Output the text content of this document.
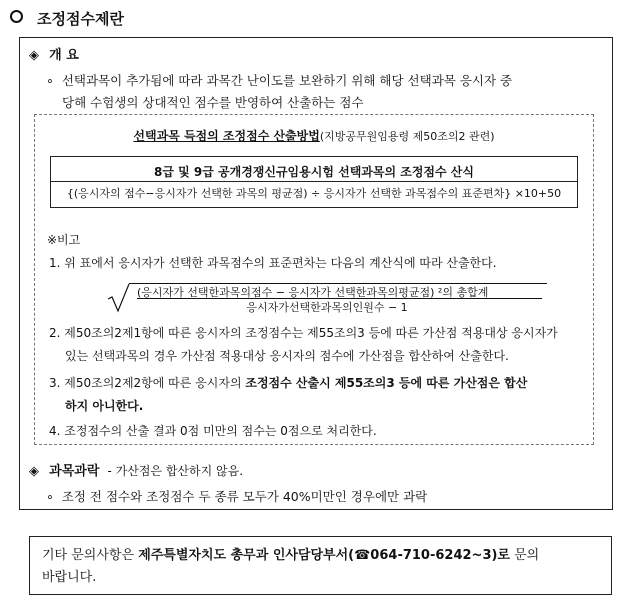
조정점수제란
◈ 개 요
∘ 선택과목이 추가됨에 따라 과목간 난이도를 보완하기 위해 해당 선택과목 응시자 중
당해 수험생의 상대적인 점수를 반영하여 산출하는 점수
선택과목 득점의 조정점수 산출방법(지방공무원임용령 제50조의2 관련)
8급 및 9급 공개경쟁신규임용시험 선택과목의 조정점수 산식
{(응시자의 점수−응시자가 선택한 과목의 평균점) ÷ 응시자가 선택한 과목점수의 표준편차} ×10+50
※비고
1. 위 표에서 응시자가 선택한 과목점수의 표준편차는 다음의 계산식에 따라 산출한다.
(응시자가 선택한과목의점수 − 응시자가 선택한과목의평균점) ²의 총합계
응시자가선택한과목의인원수 − 1
2. 제50조의2제1항에 따른 응시자의 조정점수는 제55조의3 등에 따른 가산점 적용대상 응시자가
있는 선택과목의 경우 가산점 적용대상 응시자의 점수에 가산점을 합산하여 산출한다.
3. 제50조의2제2항에 따른 응시자의 조정점수 산출시 제55조의3 등에 따른 가산점은 합산
하지 아니한다.
4. 조정점수의 산출 결과 0점 미만의 점수는 0점으로 처리한다.
◈ 과목과락 - 가산점은 합산하지 않음.
∘ 조정 전 점수와 조정점수 두 종류 모두가 40%미만인 경우에만 과락
기타 문의사항은 제주특별자치도 총무과 인사담당부서(☎064-710-6242~3)로 문의
바랍니다.
